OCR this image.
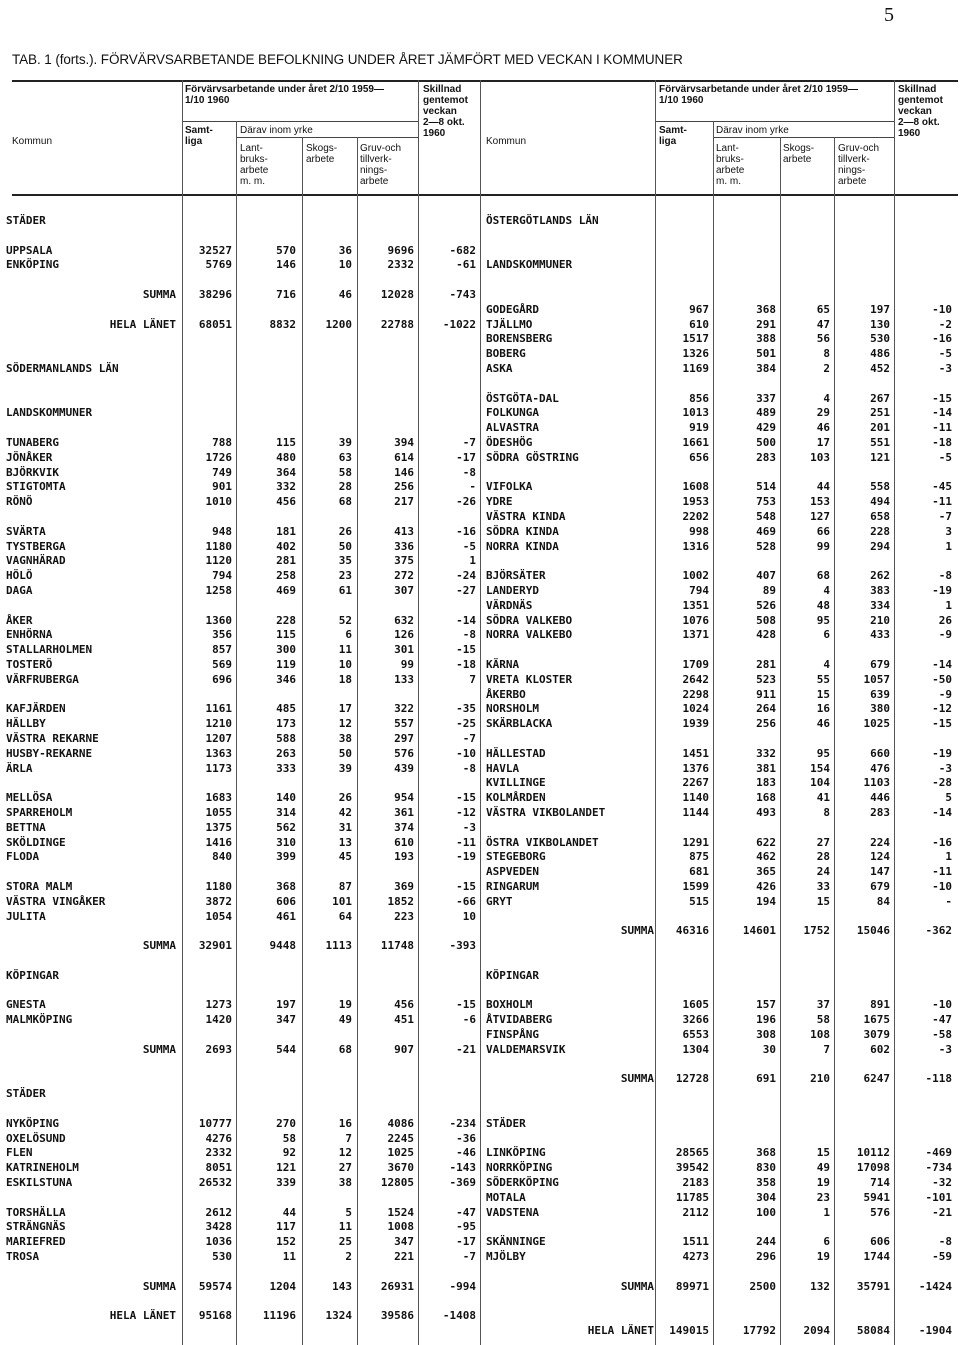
5
TAB. 1 (forts.). FÖRVÄRVSARBETANDE BEFOLKNING UNDER ÅRET JÄMFÖRT MED VECKAN I KOMMUNER
Kommun
Förvärvsarbetande under året 2/10 1959—
1/10 1960
Samt-
liga
Därav inom yrke
Lant-
bruks-
arbete
m. m.
Skogs-
arbete
Gruv-och
tillverk-
nings-
arbete
Skillnad
gentemot
veckan
2—8 okt.
1960
Kommun
Förvärvsarbetande under året 2/10 1959—
1/10 1960
Samt-
liga
Därav inom yrke
Lant-
bruks-
arbete
m. m.
Skogs-
arbete
Gruv-och
tillverk-
nings-
arbete
Skillnad
gentemot
veckan
2—8 okt.
1960
STÄDER
UPPSALA	32527	570	36	9696	-682
ENKÖPING	5769	146	10	2332	-61
SUMMA 38296	716	46	12028	-743
HELA LÄNET 68051	8832	1200	22788	-1022
SÖDERMANLANDS LÄN
LANDSKOMMUNER
TUNABERG	788	115	39	394	-7
JÖNÅKER	1726	480	63	614	-17
BJÖRKVIK	749	364	58	146	-8
STIGTOMTA	901	332	28	256	-
RÖNÖ	1010	456	68	217	-26
SVÄRTA	948	181	26	413	-16
TYSTBERGA	1180	402	50	336	-5
VAGNHÄRAD	1120	281	35	375	1
HÖLÖ	794	258	23	272	-24
DAGA	1258	469	61	307	-27
ÅKER	1360	228	52	632	-14
ENHÖRNA	356	115	6	126	-8
STALLARHOLMEN	857	300	11	301	-15
TOSTERÖ	569	119	10	99	-18
VÄRFRUBERGA	696	346	18	133	7
KAFJÄRDEN	1161	485	17	322	-35
HÄLLBY	1210	173	12	557	-25
VÄSTRA REKARNE	1207	588	38	297	-7
HUSBY-REKARNE	1363	263	50	576	-10
ÄRLA	1173	333	39	439	-8
MELLÖSA	1683	140	26	954	-15
SPARREHOLM	1055	314	42	361	-12
BETTNA	1375	562	31	374	-3
SKÖLDINGE	1416	310	13	610	-11
FLODA	840	399	45	193	-19
STORA MALM	1180	368	87	369	-15
VÄSTRA VINGÅKER	3872	606	101	1852	-66
JULITA	1054	461	64	223	10
SUMMA 32901	9448	1113	11748	-393
KÖPINGAR
GNESTA	1273	197	19	456	-15
MALMKÖPING	1420	347	49	451	-6
SUMMA	2693	544	68	907	-21
STÄDER
NYKÖPING	10777	270	16	4086	-234
OXELÖSUND	4276	58	7	2245	-36
FLEN	2332	92	12	1025	-46
KATRINEHOLM	8051	121	27	3670	-143
ESKILSTUNA	26532	339	38	12805	-369
TORSHÄLLA	2612	44	5	1524	-47
STRÄNGNÄS	3428	117	11	1008	-95
MARIEFRED	1036	152	25	347	-17
TROSA	530	11	2	221	-7
SUMMA 59574	1204	143	26931	-994
HELA LÄNET 95168	11196	1324	39586	-1408
ÖSTERGÖTLANDS LÄN
LANDSKOMMUNER
GODEGÅRD	967	368	65	197	-10
TJÄLLMO	610	291	47	130	-2
BORENSBERG	1517	388	56	530	-16
BOBERG	1326	501	8	486	-5
ASKA	1169	384	2	452	-3
ÖSTGÖTA-DAL	856	337	4	267	-15
FOLKUNGA	1013	489	29	251	-14
ALVASTRA	919	429	46	201	-11
ÖDESHÖG	1661	500	17	551	-18
SÖDRA GÖSTRING	656	283	103	121	-5
VIFOLKA	1608	514	44	558	-45
YDRE	1953	753	153	494	-11
VÄSTRA KINDA	2202	548	127	658	-7
SÖDRA KINDA	998	469	66	228	3
NORRA KINDA	1316	528	99	294	1
BJÖRSÄTER	1002	407	68	262	-8
LANDERYD	794	89	4	383	-19
VÄRDNÄS	1351	526	48	334	1
SÖDRA VALKEBO	1076	508	95	210	26
NORRA VALKEBO	1371	428	6	433	-9
KÄRNA	1709	281	4	679	-14
VRETA KLOSTER	2642	523	55	1057	-50
ÅKERBO	2298	911	15	639	-9
NORSHOLM	1024	264	16	380	-12
SKÄRBLACKA	1939	256	46	1025	-15
HÄLLESTAD	1451	332	95	660	-19
HAVLA	1376	381	154	476	-3
KVILLINGE	2267	183	104	1103	-28
KOLMÅRDEN	1140	168	41	446	5
VÄSTRA VIKBOLANDET	1144	493	8	283	-14
ÖSTRA VIKBOLANDET	1291	622	27	224	-16
STEGEBORG	875	462	28	124	1
ASPVEDEN	681	365	24	147	-11
RINGARUM	1599	426	33	679	-10
GRYT	515	194	15	84	-
SUMMA 46316	14601	1752 15046	-362
KÖPINGAR
BOXHOLM	1605	157	37	891	-10
ÅTVIDABERG	3266	196	58	1675	-47
FINSPÅNG	6553	308	108	3079	-58
VALDEMARSVIK	1304	30	7	602	-3
SUMMA 12728	691	210	6247	-118
STÄDER
LINKÖPING	28565	368	15 10112	-469
NORRKÖPING	39542	830	49 17098	-734
SÖDERKÖPING	2183	358	19	714	-32
MOTALA	11785	304	23	5941	-101
VADSTENA	2112	100	1	576	-21
SKÄNNINGE	1511	244	6	606	-8
MJÖLBY	4273	296	19	1744	-59
SUMMA 89971	2500	132 35791	-1424
HELA LÄNET 149015	17792	2094 58084	-1904
